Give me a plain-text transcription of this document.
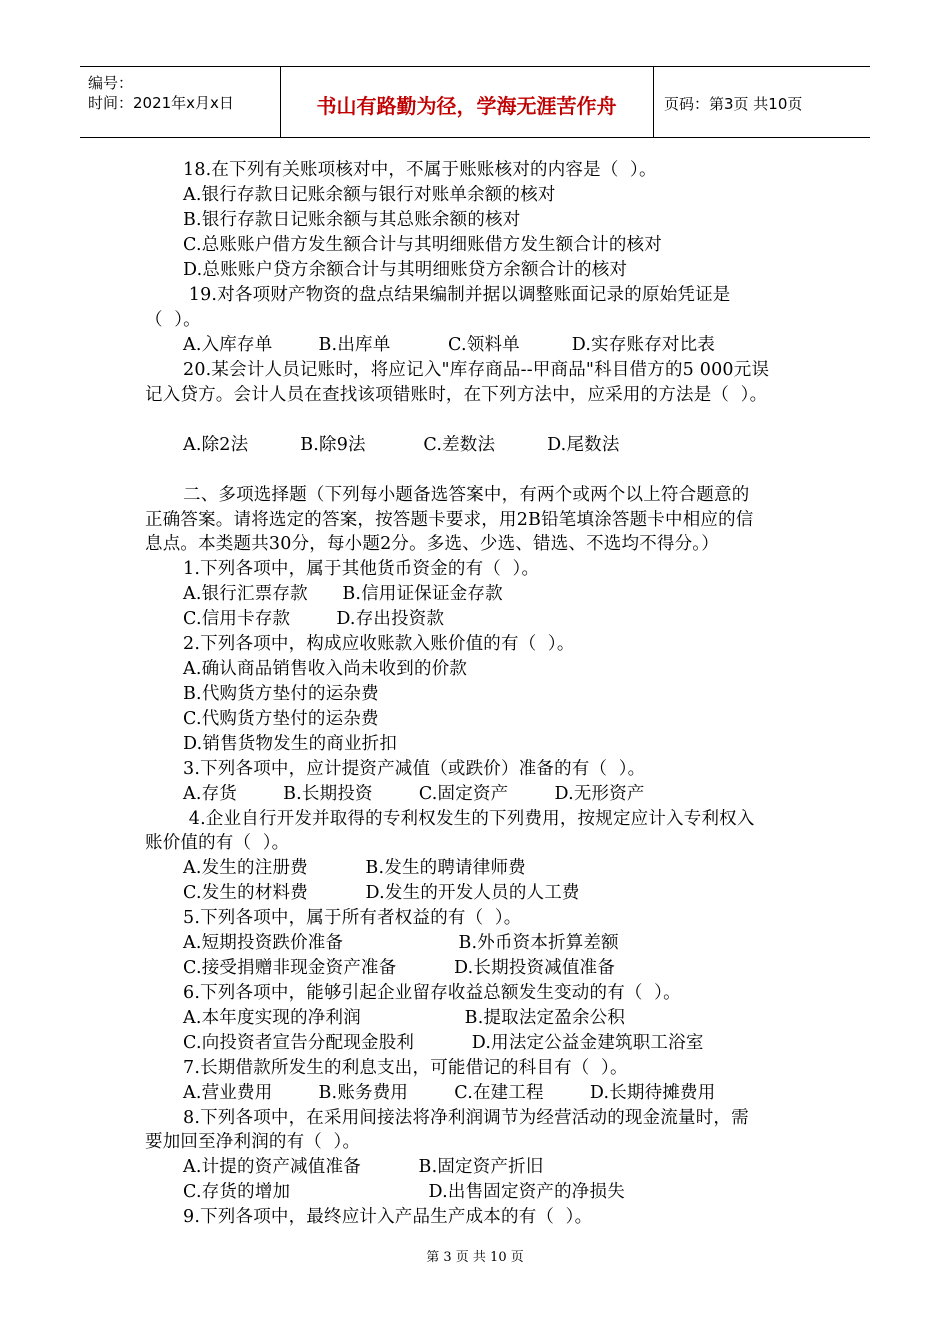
编号：
时间：2021年x月x日	书山有路勤为径，学海无涯苦作舟	页码：第3页 共10页
18.在下列有关账项核对中，不属于账账核对的内容是（  ）。
A.银行存款日记账余额与银行对账单余额的核对
B.银行存款日记账余额与其总账余额的核对
C.总账账户借方发生额合计与其明细账借方发生额合计的核对
D.总账账户贷方余额合计与其明细账贷方余额合计的核对
19.对各项财产物资的盘点结果编制并据以调整账面记录的原始凭证是
（  ）。
A.入库存单        B.出库单          C.领料单         D.实存账存对比表
20.某会计人员记账时，将应记入"库存商品--甲商品"科目借方的5 000元误
记入贷方。会计人员在查找该项错账时，在下列方法中，应采用的方法是（  ）。
A.除2法         B.除9法          C.差数法         D.尾数法
二、多项选择题（下列每小题备选答案中，有两个或两个以上符合题意的
正确答案。请将选定的答案，按答题卡要求，用2B铅笔填涂答题卡中相应的信
息点。本类题共30分，每小题2分。多选、少选、错选、不选均不得分。）
1.下列各项中，属于其他货币资金的有（  ）。
A.银行汇票存款      B.信用证保证金存款
C.信用卡存款        D.存出投资款
2.下列各项中，构成应收账款入账价值的有（  ）。
A.确认商品销售收入尚未收到的价款
B.代购货方垫付的运杂费
C.代购货方垫付的运杂费
D.销售货物发生的商业折扣
3.下列各项中，应计提资产减值（或跌价）准备的有（  ）。
A.存货        B.长期投资        C.固定资产        D.无形资产
4.企业自行开发并取得的专利权发生的下列费用，按规定应计入专利权入
账价值的有（  ）。
A.发生的注册费          B.发生的聘请律师费
C.发生的材料费          D.发生的开发人员的人工费
5.下列各项中，属于所有者权益的有（  ）。
A.短期投资跌价准备                    B.外币资本折算差额
C.接受捐赠非现金资产准备          D.长期投资减值准备
6.下列各项中，能够引起企业留存收益总额发生变动的有（  ）。
A.本年度实现的净利润                  B.提取法定盈余公积
C.向投资者宣告分配现金股利          D.用法定公益金建筑职工浴室
7.长期借款所发生的利息支出，可能借记的科目有（  ）。
A.营业费用        B.账务费用        C.在建工程        D.长期待摊费用
8.下列各项中，在采用间接法将净利润调节为经营活动的现金流量时，需
要加回至净利润的有（  ）。
A.计提的资产减值准备          B.固定资产折旧
C.存货的增加                        D.出售固定资产的净损失
9.下列各项中，最终应计入产品生产成本的有（  ）。
第 3 页 共 10 页
